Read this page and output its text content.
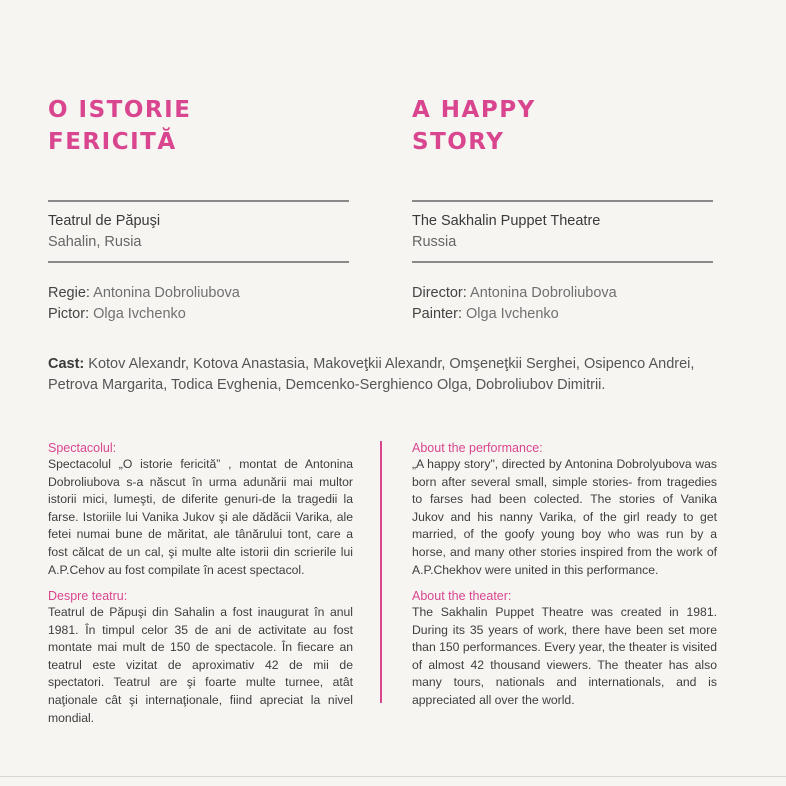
O ISTORIE
FERICITĂ
A HAPPY
STORY
Teatrul de Păpuşi
Sahalin, Rusia
The Sakhalin Puppet Theatre
Russia
Regie: Antonina Dobroliubova
Pictor: Olga Ivchenko
Director: Antonina Dobroliubova
Painter: Olga Ivchenko

Cast: Kotov Alexandr, Kotova Anastasia, Makoveţkii Alexandr, Omşeneţkii Serghei, Osipenco Andrei, Petrova Margarita, Todica Evghenia, Demcenko-Serghienco Olga, Dobroliubov Dimitrii.

Spectacolul:

Spectacolul „O istorie fericită” , montat de Antonina Dobroliubova s-a născut în urma adunării mai multor istorii mici, lumeşti, de diferite genuri-de la tragedii la farse. Istoriile lui Vanika Jukov şi ale dădăcii Varika, ale fetei numai bune de măritat, ale tânărului tont, care a fost călcat de un cal, şi multe alte istorii din scrierile lui A.P.Cehov au fost compilate în acest spectacol.

Despre teatru:

Teatrul de Păpuşi din Sahalin a fost inaugurat în anul 1981. În timpul celor 35 de ani de activitate au fost montate mai mult de 150 de spectacole. În fiecare an teatrul este vizitat de aproximativ 42 de mii de spectatori. Teatrul are şi foarte multe turnee, atât naţionale cât şi internaţionale, fiind apreciat la nivel mondial.

About the performance:

„A happy story", directed by Antonina Dobrolyubova was born after several small, simple stories- from tragedies to farses had been colected. The stories of Vanika Jukov and his nanny Varika, of the girl ready to get married, of the goofy young boy who was run by a horse, and many other stories inspired from the work of A.P.Chekhov were united in this performance.

About the theater:

The Sakhalin Puppet Theatre was created in 1981. During its 35 years of work, there have been set more than 150 performances. Every year, the theater is visited of almost 42 thousand viewers. The theater has also many tours, nationals and internationals, and is appreciated all over the world.
